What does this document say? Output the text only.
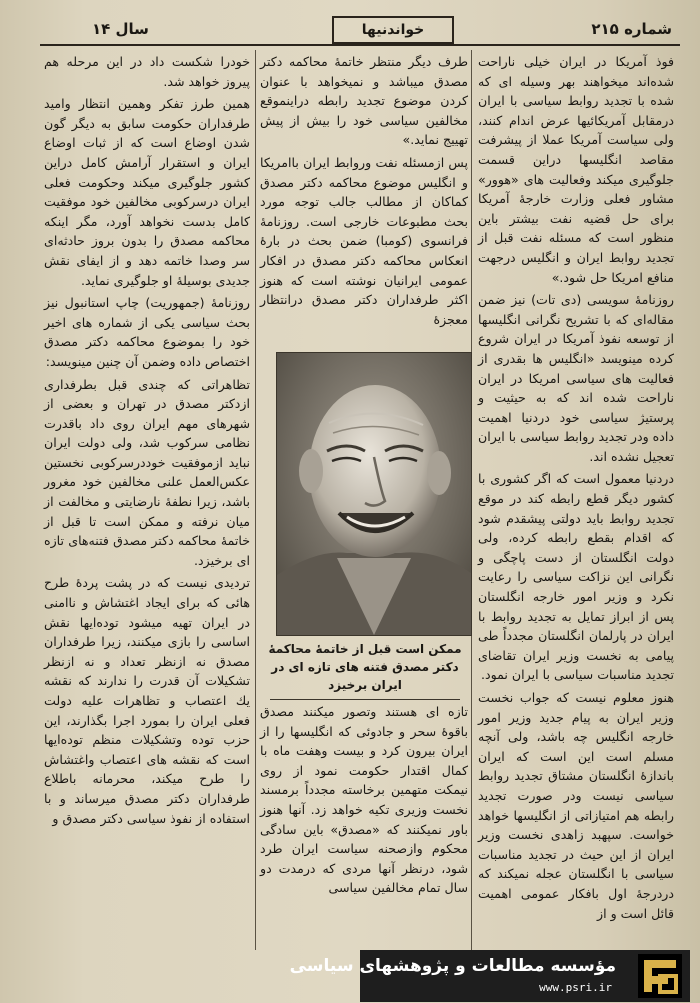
شماره ۲۱۵
خواندنیها
سال ۱۴

فوذ آمریکا در ایران خیلی ناراحت شده‌اند میخواهند بهر وسیله ای که شده با تجدید روابط سیاسی با ایران درمقابل آمریکائیها عرض اندام کنند، ولی سیاست آمریکا عملا از پیشرفت مقاصد انگلیسها دراین قسمت جلوگیری میکند وفعالیت های «هوور» مشاور فعلی وزارت خارجهٔ آمریکا برای حل قضیه نفت بیشتر باین منظور است که مسئله نفت قبل از تجدید روابط ایران و انگلیس درجهت منافع امریکا حل شود.»

روزنامهٔ سویسی (دی تات) نیز ضمن مقاله‌ای که با تشریح نگرانی انگلیسها از توسعه نفوذ آمریکا در ایران شروع کرده مینویسد «انگلیس ها بقدری از فعالیت های سیاسی امریکا در ایران ناراحت شده اند که به حیثیت و پرستیژ سیاسی خود دردنیا اهمیت داده ودر تجدید روابط سیاسی با ایران تعجیل نشده اند.

دردنیا معمول است که اگر کشوری با کشور دیگر قطع رابطه کند در موقع تجدید روابط باید دولتی پیشقدم شود که اقدام بقطع رابطه کرده، ولی دولت انگلستان از دست پاچگی و نگرانی این نزاکت سیاسی را رعایت نکرد و وزیر امور خارجه انگلستان پس از ابراز تمایل به تجدید روابط با ایران در پارلمان انگلستان مجدداً طی پیامی به نخست وزیر ایران تقاضای تجدید مناسبات سیاسی با ایران نمود.

هنوز معلوم نیست که جواب نخست وزیر ایران به پیام جدید وزیر امور خارجه انگلیس چه باشد، ولی آنچه مسلم است این است که ایران باندازهٔ انگلستان مشتاق تجدید روابط سیاسی نیست ودر صورت تجدید رابطه هم امتیازاتی از انگلیسها خواهد خواست. سپهبد زاهدی نخست وزیر ایران از این حیث در تجدید مناسبات سیاسی با انگلستان عجله نمیکند که دردرجهٔ اول بافکار عمومی اهمیت قائل است و از

طرف دیگر منتظر خاتمهٔ محاکمه دکتر مصدق میباشد و نمیخواهد با عنوان کردن موضوع تجدید رابطه دراینموقع مخالفین سیاسی خود را بیش از پیش تهییج نماید.»

پس ازمسئله نفت وروابط ایران باامریکا و انگلیس موضوع محاکمه دکتر مصدق کماکان از مطالب جالب توجه مورد بحث مطبوعات خارجی است. روزنامهٔ فرانسوی (کومبا) ضمن بحث در بارهٔ انعکاس محاکمه دکتر مصدق در افکار عمومی ایرانیان نوشته است که هنوز اکثر طرفداران دکتر مصدق درانتظار معجزهٔ

ممکن است قبل از خاتمهٔ محاکمهٔ دکتر مصدق فتنه های تازه ای در ایران برخیزد

تازه ای هستند وتصور میکنند مصدق باقوهٔ سحر و جادوئی که انگلیسها را از ایران بیرون کرد و بیست وهفت ماه با کمال اقتدار حکومت نمود از روی نیمکت متهمین برخاسته مجدداً برمسند نخست وزیری تکیه خواهد زد. آنها هنوز باور نمیکنند که «مصدق» باین سادگی محکوم وازصحنه سیاست ایران طرد شود، درنظر آنها مردی که درمدت دو سال تمام مخالفین سیاسی

خودرا شکست داد در این مرحله هم پیروز خواهد شد.

همین طرز تفکر وهمین انتظار وامید طرفداران حکومت سابق به دیگر گون شدن اوضاع است که از ثبات اوضاع ایران و استقرار آرامش کامل دراین کشور جلوگیری میکند وحکومت فعلی ایران درسرکوبی مخالفین خود موفقیت کامل بدست نخواهد آورد، مگر اینکه محاکمه مصدق را بدون بروز حادثه‌ای سر وصدا خاتمه دهد و از ایفای نقش جدیدی بوسیلهٔ او جلوگیری نماید.

روزنامهٔ (جمهوریت) چاپ استانبول نیز بحث سیاسی یکی از شماره های اخیر خود را بموضوع محاکمه دکتر مصدق اختصاص داده وضمن آن چنین مینویسد:

تظاهراتی که چندی قبل بطرفداری ازدکتر مصدق در تهران و بعضی از شهرهای مهم ایران روی داد باقدرت نظامی سرکوب شد، ولی دولت ایران نباید ازموفقیت خوددرسرکوبی نخستین عکس‌العمل علنی مخالفین خود مغرور باشد، زیرا نطفهٔ نارضایتی و مخالفت از میان نرفته و ممکن است تا قبل از خاتمهٔ محاکمه دکتر مصدق فتنه‌های تازه ای برخیزد.

تردیدی نیست که در پشت پردهٔ طرح هائی که برای ایجاد اغتشاش و ناامنی در ایران تهیه میشود توده‌ایها نقش اساسی را بازی میکنند، زیرا طرفداران مصدق نه ازنظر تعداد و نه ازنظر تشکیلات آن قدرت را ندارند که نقشه یك اعتصاب و تظاهرات علیه دولت فعلی ایران را بمورد اجرا بگذارند، این حزب توده وتشکیلات منظم توده‌ایها است که نقشه های اعتصاب واغتشاش را طرح میکند، محرمانه باطلاع طرفداران دکتر مصدق میرساند و با استفاده از نفوذ سیاسی دکتر مصدق و

مؤسسه مطالعات و پژوهشهای سیاسی
www.psri.ir
